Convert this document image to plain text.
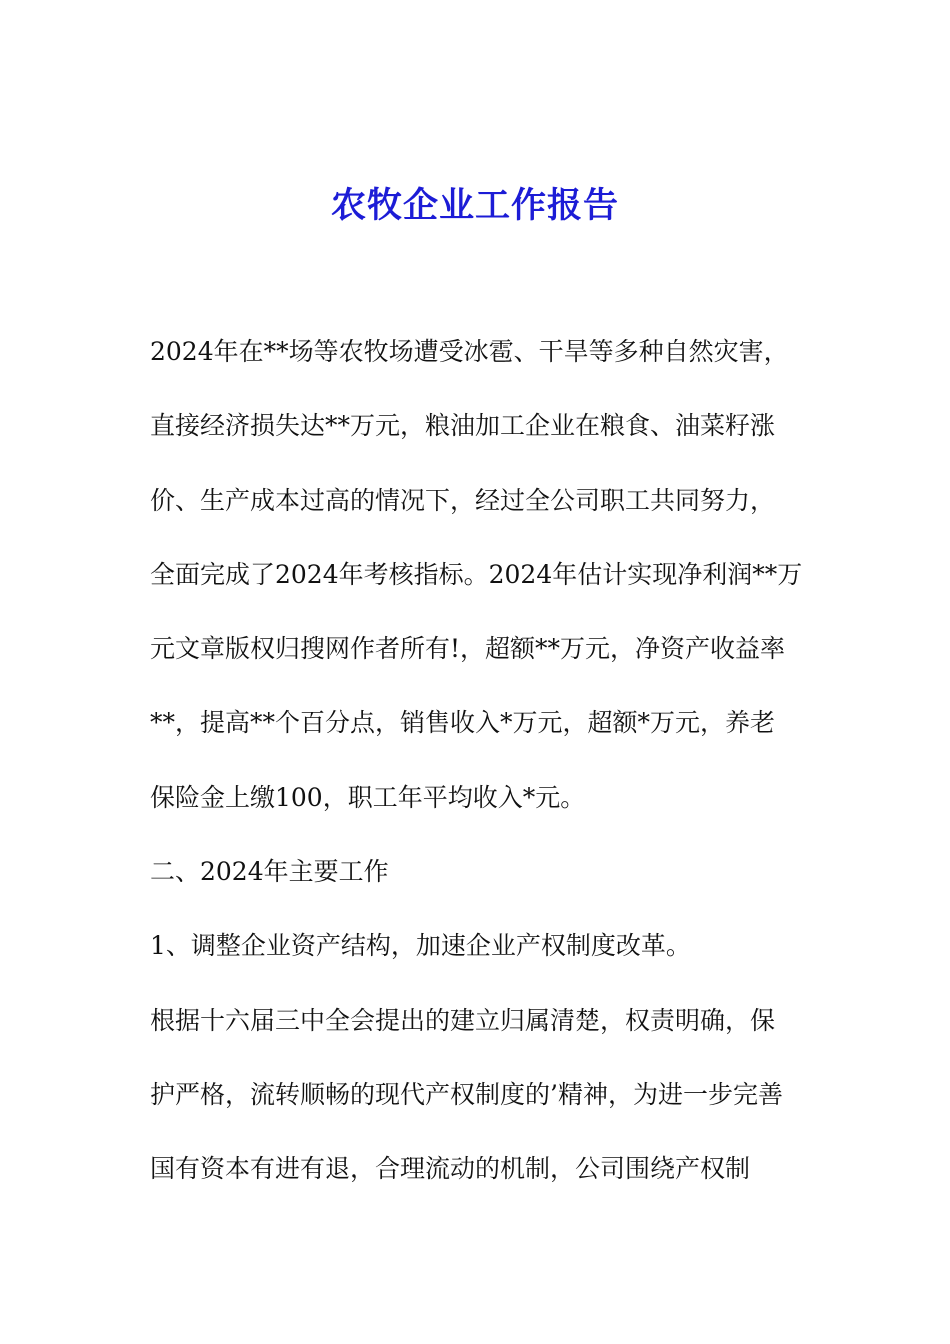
农牧企业工作报告
2024年在**场等农牧场遭受冰雹、干旱等多种自然灾害，
直接经济损失达**万元，粮油加工企业在粮食、油菜籽涨
价、生产成本过高的情况下，经过全公司职工共同努力，
全面完成了2024年考核指标。2024年估计实现净利润**万
元文章版权归搜网作者所有!，超额**万元，净资产收益率
**，提高**个百分点，销售收入*万元，超额*万元，养老
保险金上缴100，职工年平均收入*元。
二、2024年主要工作
1、调整企业资产结构，加速企业产权制度改革。
根据十六届三中全会提出的建立归属清楚，权责明确，保
护严格，流转顺畅的现代产权制度的’精神，为进一步完善
国有资本有进有退，合理流动的机制，公司围绕产权制
